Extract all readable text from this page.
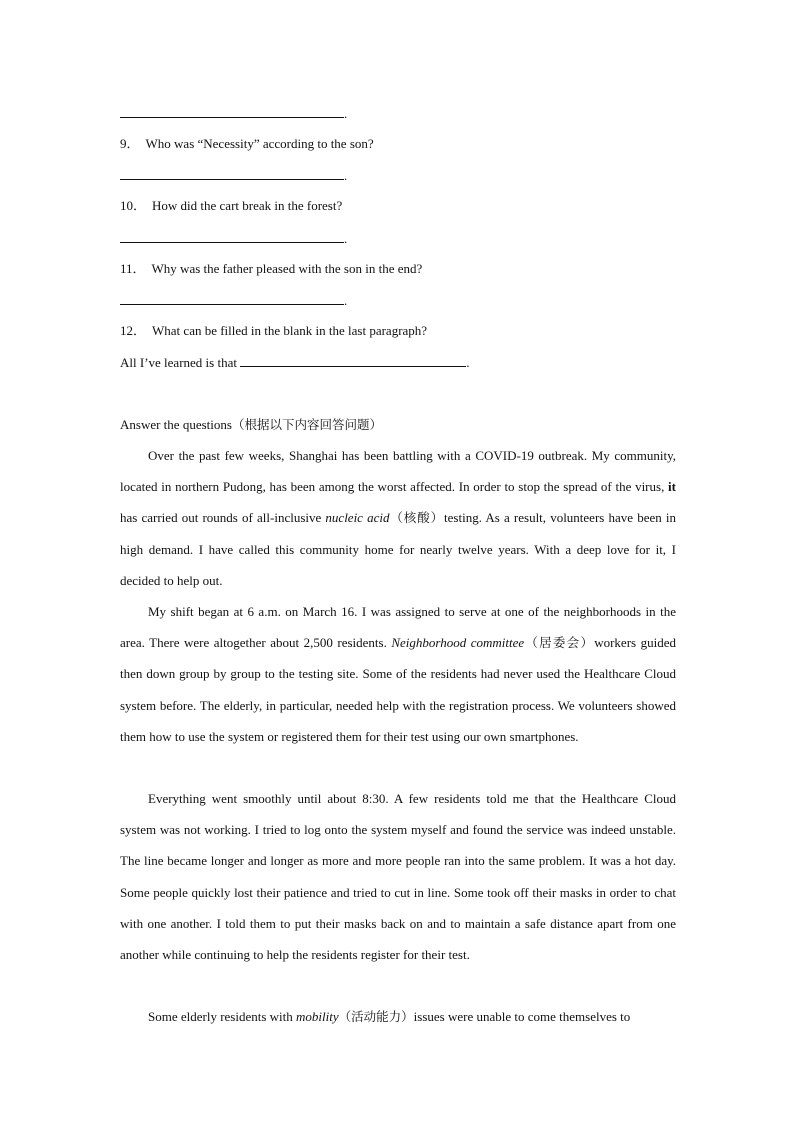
.
9． Who was “Necessity” according to the son?
.
10． How did the cart break in the forest?
.
11． Why was the father pleased with the son in the end?
.
12． What can be filled in the blank in the last paragraph?
All I’ve learned is that	.
Answer the questions（根据以下内容回答问题）

Over the past few weeks, Shanghai has been battling with a COVID-19 outbreak. My community, located in northern Pudong, has been among the worst affected. In order to stop the spread of the virus, it has carried out rounds of all-inclusive nucleic acid（核酸）testing. As a result, volunteers have been in high demand. I have called this community home for nearly twelve years. With a deep love for it, I decided to help out.

My shift began at 6 a.m. on March 16. I was assigned to serve at one of the neighborhoods in the area. There were altogether about 2,500 residents. Neighborhood committee（居委会）workers guided then down group by group to the testing site. Some of the residents had never used the Healthcare Cloud system before. The elderly, in particular, needed help with the registration process. We volunteers showed them how to use the system or registered them for their test using our own smartphones.

Everything went smoothly until about 8:30. A few residents told me that the Healthcare Cloud system was not working. I tried to log onto the system myself and found the service was indeed unstable. The line became longer and longer as more and more people ran into the same problem. It was a hot day. Some people quickly lost their patience and tried to cut in line. Some took off their masks in order to chat with one another. I told them to put their masks back on and to maintain a safe distance apart from one another while continuing to help the residents register for their test.

Some elderly residents with mobility（活动能力）issues were unable to come themselves to
